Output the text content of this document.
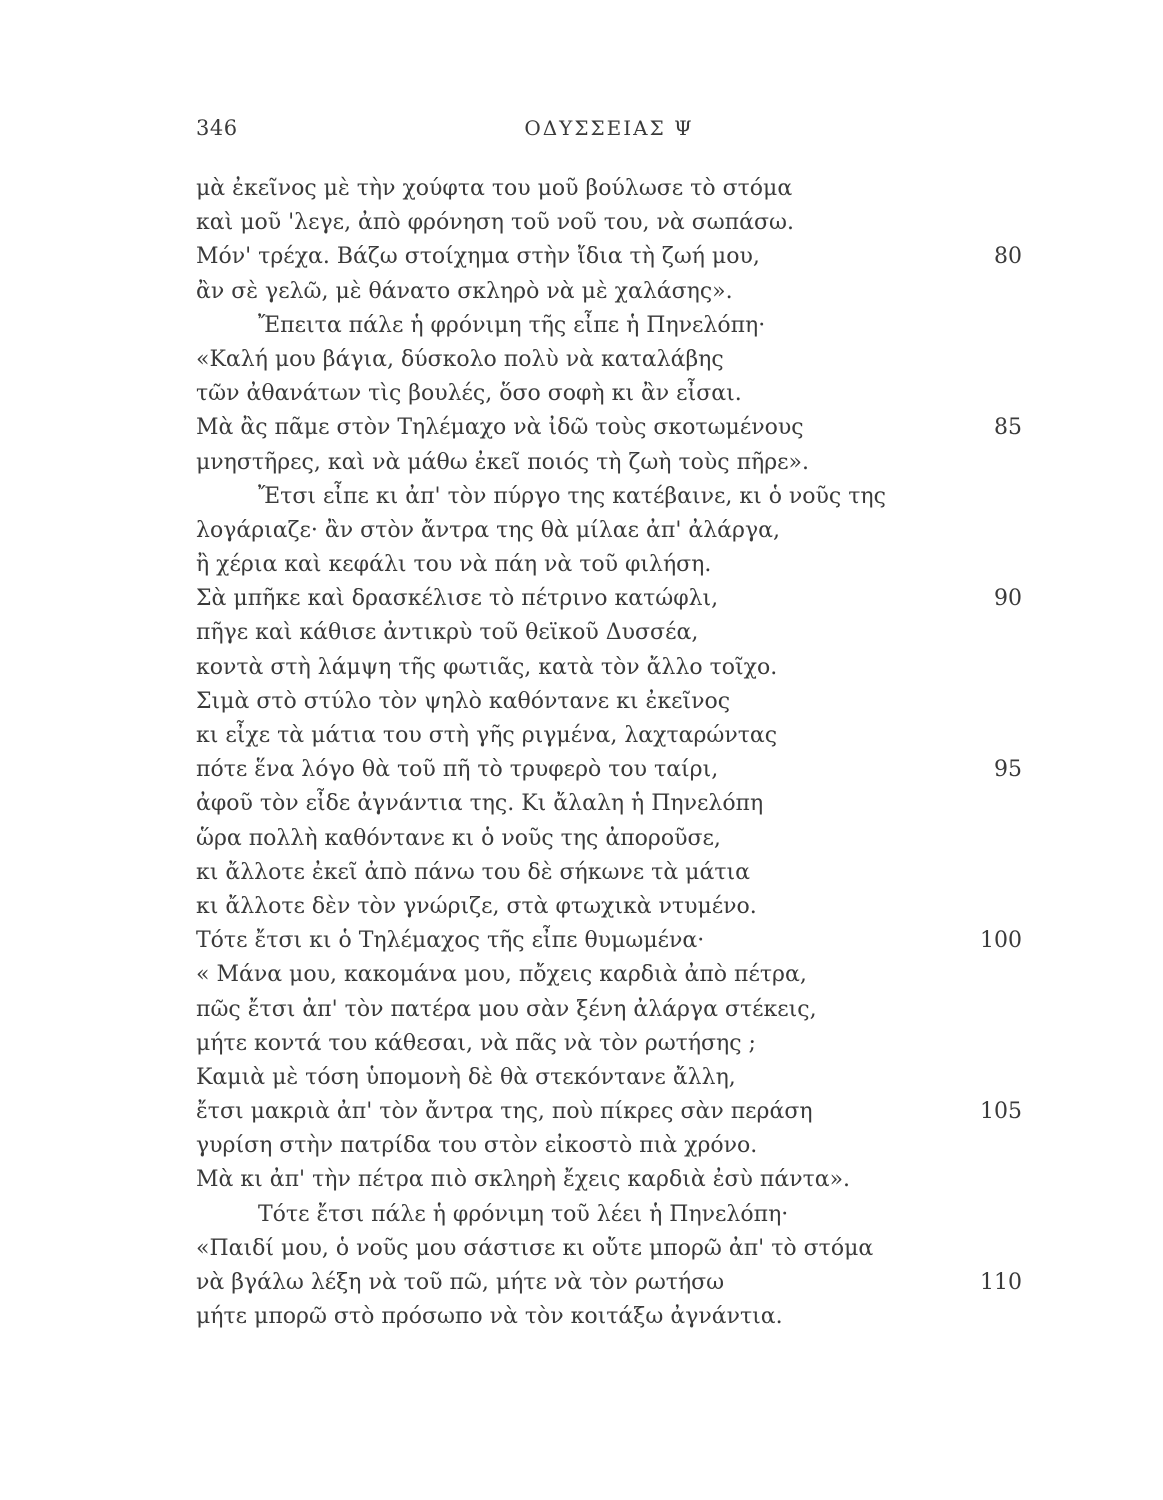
346	ΟΔΥΣΣΕΙΑΣ Ψ
μὰ ἐκεῖνος μὲ τὴν χούφτα του μοῦ βούλωσε τὸ στόμα
καὶ μοῦ 'λεγε, ἀπὸ φρόνηση τοῦ νοῦ του, νὰ σωπάσω.
Μόν' τρέχα. Βάζω στοίχημα στὴν ἴδια τὴ ζωή μου,	80
ἂν σὲ γελῶ, μὲ θάνατο σκληρὸ νὰ μὲ χαλάσης».
Ἔπειτα πάλε ἡ φρόνιμη τῆς εἶπε ἡ Πηνελόπη·
«Καλή μου βάγια, δύσκολο πολὺ νὰ καταλάβης
τῶν ἀθανάτων τὶς βουλές, ὅσο σοφὴ κι ἂν εἶσαι.
Μὰ ἂς πᾶμε στὸν Τηλέμαχο νὰ ἰδῶ τοὺς σκοτωμένους	85
μνηστῆρες, καὶ νὰ μάθω ἐκεῖ ποιός τὴ ζωὴ τοὺς πῆρε».
Ἔτσι εἶπε κι ἀπ' τὸν πύργο της κατέβαινε, κι ὁ νοῦς της
λογάριαζε· ἂν στὸν ἄντρα της θὰ μίλαε ἀπ' ἀλάργα,
ἢ χέρια καὶ κεφάλι του νὰ πάη νὰ τοῦ φιλήση.
Σὰ μπῆκε καὶ δρασκέλισε τὸ πέτρινο κατώφλι,	90
πῆγε καὶ κάθισε ἀντικρὺ τοῦ θεϊκοῦ Δυσσέα,
κοντὰ στὴ λάμψη τῆς φωτιᾶς, κατὰ τὸν ἄλλο τοῖχο.
Σιμὰ στὸ στύλο τὸν ψηλὸ καθόντανε κι ἐκεῖνος
κι εἶχε τὰ μάτια του στὴ γῆς ριγμένα, λαχταρώντας
πότε ἕνα λόγο θὰ τοῦ πῆ τὸ τρυφερὸ του ταίρι,	95
ἀφοῦ τὸν εἶδε ἀγνάντια της. Κι ἄλαλη ἡ Πηνελόπη
ὥρα πολλὴ καθόντανε κι ὁ νοῦς της ἀποροῦσε,
κι ἄλλοτε ἐκεῖ ἀπὸ πάνω του δὲ σήκωνε τὰ μάτια
κι ἄλλοτε δὲν τὸν γνώριζε, στὰ φτωχικὰ ντυμένο.
Τότε ἔτσι κι ὁ Τηλέμαχος τῆς εἶπε θυμωμένα·	100
« Μάνα μου, κακομάνα μου, πὄχεις καρδιὰ ἀπὸ πέτρα,
πῶς ἔτσι ἀπ' τὸν πατέρα μου σὰν ξένη ἀλάργα στέκεις,
μήτε κοντά του κάθεσαι, νὰ πᾶς νὰ τὸν ρωτήσης ;
Καμιὰ μὲ τόση ὑπομονὴ δὲ θὰ στεκόντανε ἄλλη,
ἔτσι μακριὰ ἀπ' τὸν ἄντρα της, ποὺ πίκρες σὰν περάση	105
γυρίση στὴν πατρίδα του στὸν εἰκοστὸ πιὰ χρόνο.
Μὰ κι ἀπ' τὴν πέτρα πιὸ σκληρὴ ἔχεις καρδιὰ ἐσὺ πάντα».
Τότε ἔτσι πάλε ἡ φρόνιμη τοῦ λέει ἡ Πηνελόπη·
«Παιδί μου, ὁ νοῦς μου σάστισε κι οὔτε μπορῶ ἀπ' τὸ στόμα
νὰ βγάλω λέξη νὰ τοῦ πῶ, μήτε νὰ τὸν ρωτήσω	110
μήτε μπορῶ στὸ πρόσωπο νὰ τὸν κοιτάξω ἀγνάντια.
